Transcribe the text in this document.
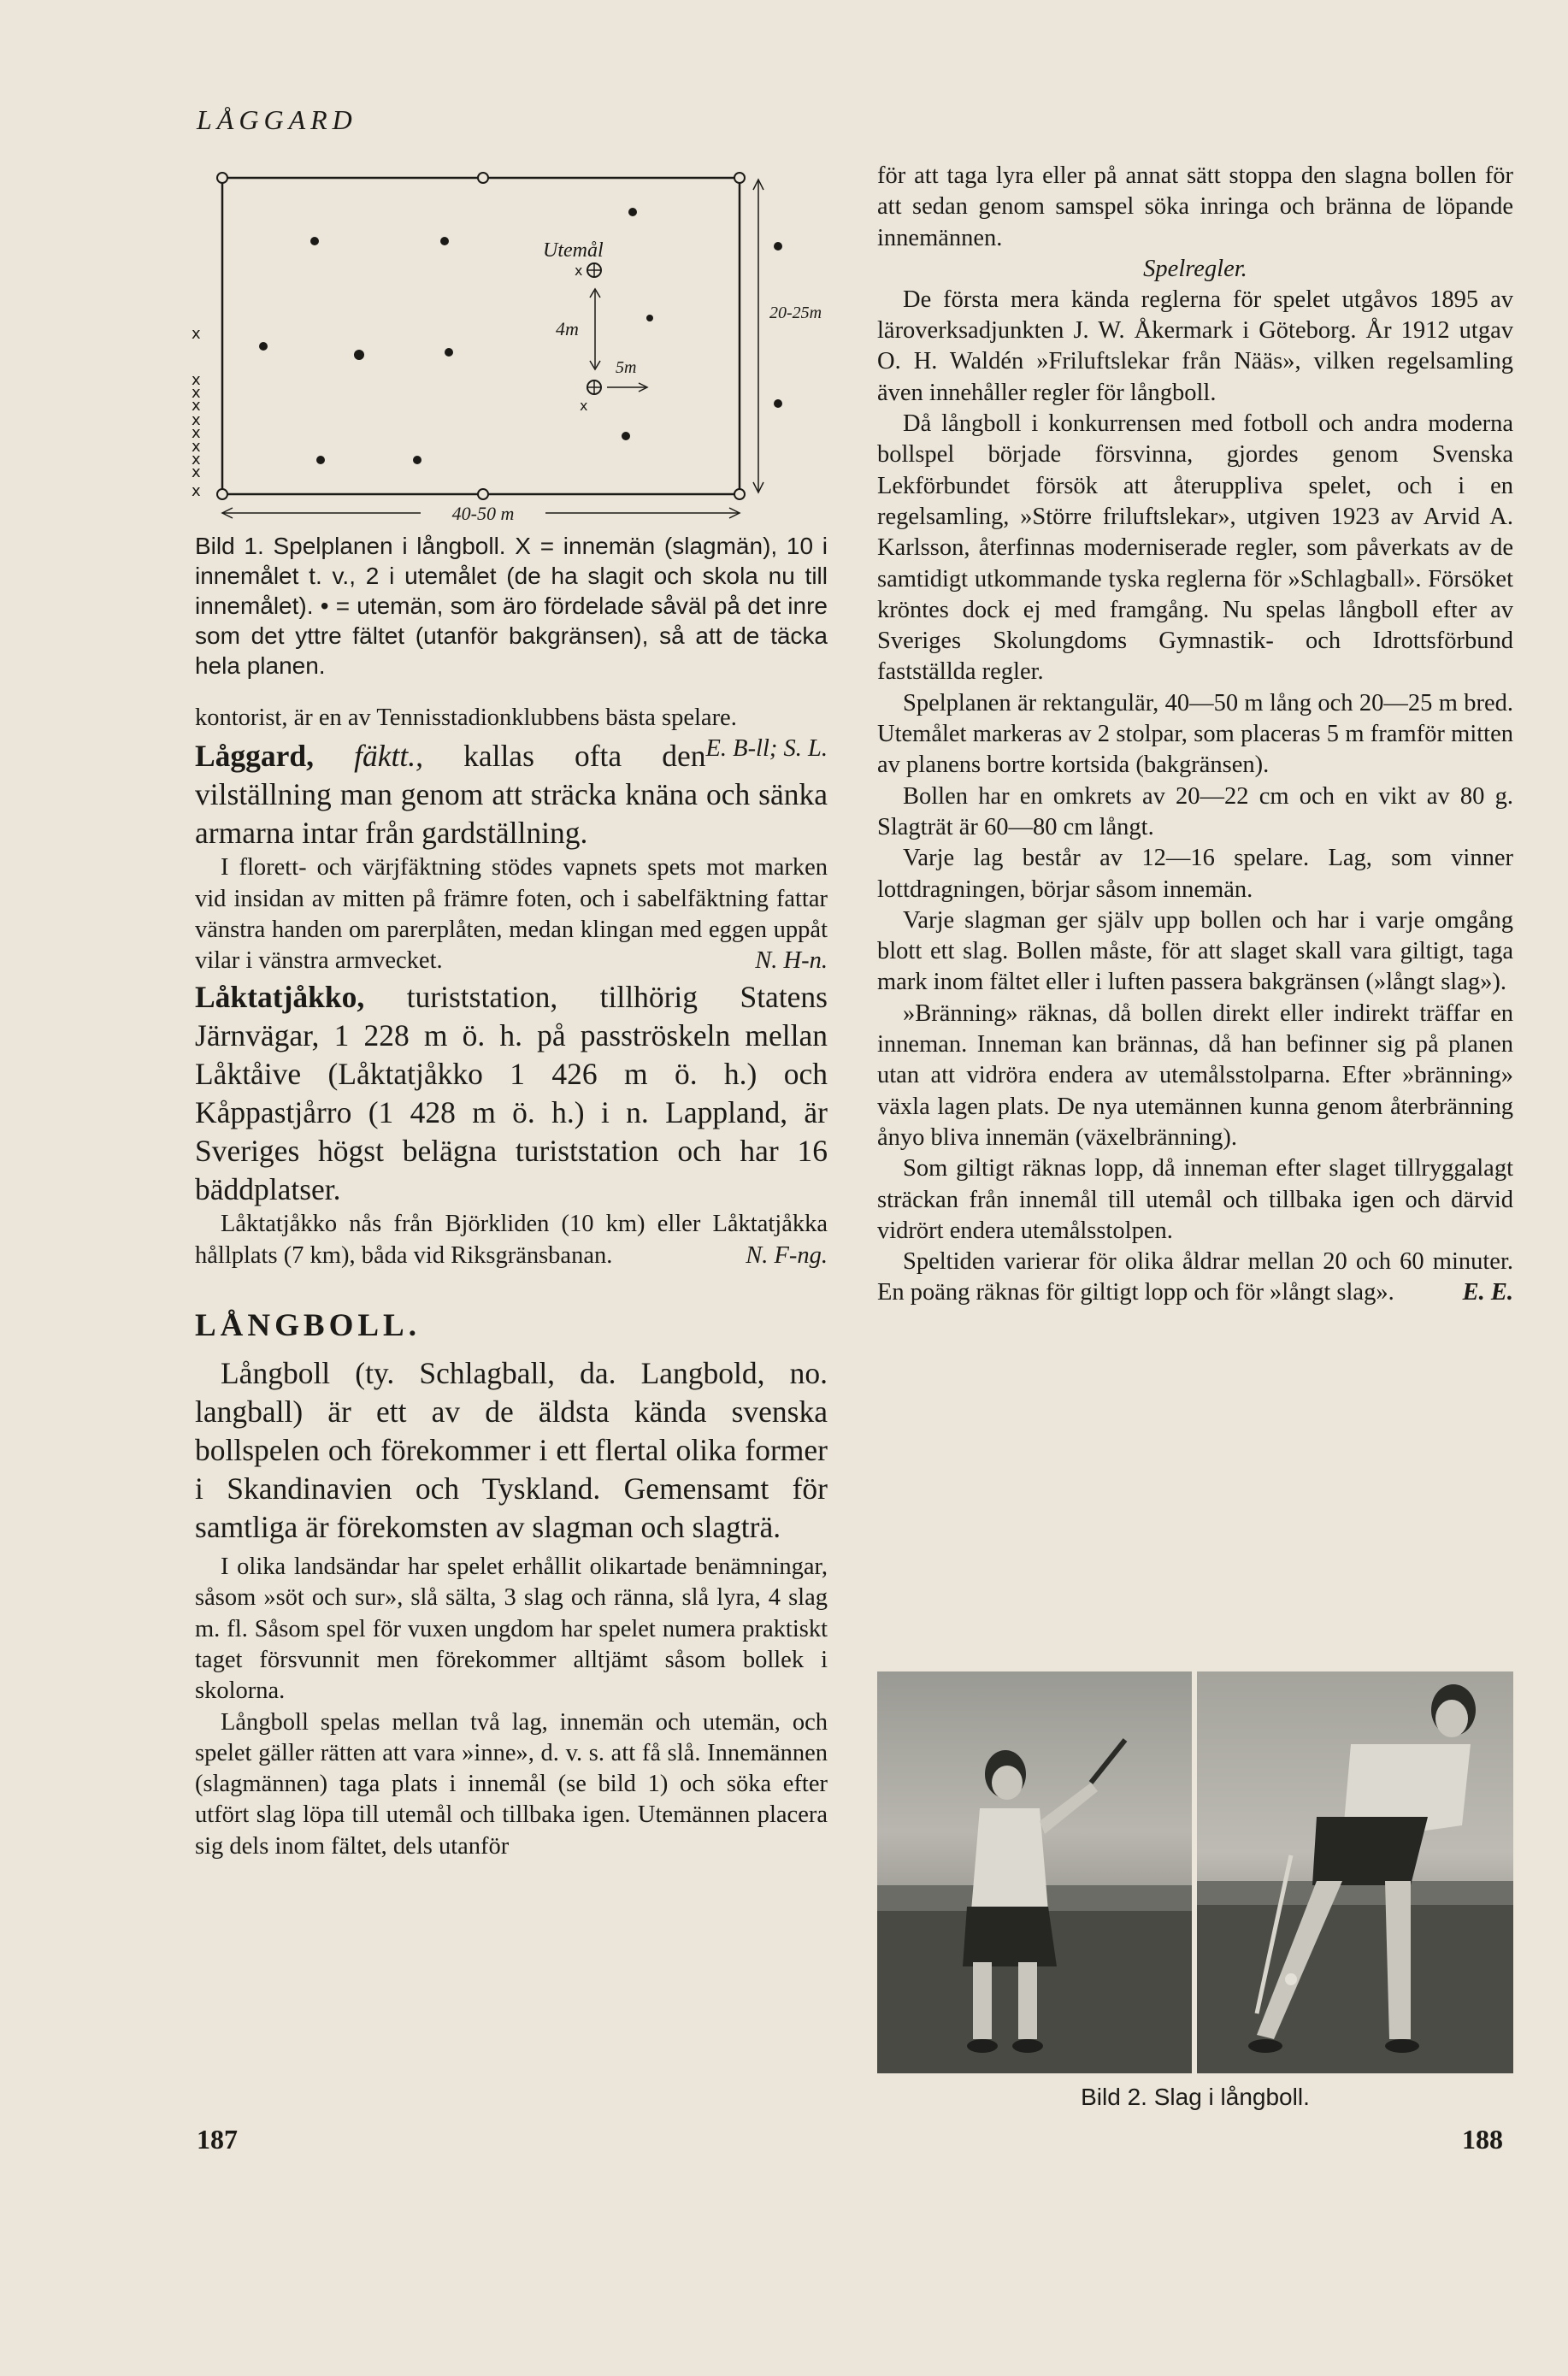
LÅGGARD
x
x
x
x
x
x
x
x
x
x
x
x
Utemål
4m
5m
20-25m
40-50 m

Bild 1. Spelplanen i långboll. X = innemän (slagmän), 10 i innemålet t. v., 2 i utemålet (de ha slagit och skola nu till innemålet). • = utemän, som äro fördelade såväl på det inre som det yttre fältet (utanför bakgränsen), så att de täcka hela planen.

kontorist, är en av Tennisstadionklubbens bästa spelare.
E. B-ll; S. L.

Låggard, fäktt., kallas ofta den vilställning man genom att sträcka knäna och sänka armarna intar från gardställning.

I florett- och värjfäktning stödes vapnets spets mot marken vid insidan av mitten på främre foten, och i sabelfäktning fattar vänstra handen om parerplåten, medan klingan med eggen uppåt vilar i vänstra armvecket.	N. H-n.

Låktatjåkko, turiststation, tillhörig Statens Järnvägar, 1 228 m ö. h. på pasströskeln mellan Låktåive (Låktatjåkko 1 426 m ö. h.) och Kåppastjårro (1 428 m ö. h.) i n. Lappland, är Sveriges högst belägna turiststation och har 16 bäddplatser.

Låktatjåkko nås från Björkliden (10 km) eller Låktatjåkka hållplats (7 km), båda vid Riksgränsbanan.	N. F-ng.

LÅNGBOLL.

Långboll (ty. Schlagball, da. Langbold, no. langball) är ett av de äldsta kända svenska bollspelen och förekommer i ett flertal olika former i Skandinavien och Tyskland. Gemensamt för samtliga är förekomsten av slagman och slagträ.

I olika landsändar har spelet erhållit olikartade benämningar, såsom »söt och sur», slå sälta, 3 slag och ränna, slå lyra, 4 slag m. fl. Såsom spel för vuxen ungdom har spelet numera praktiskt taget försvunnit men förekommer alltjämt såsom bollek i skolorna.

Långboll spelas mellan två lag, innemän och utemän, och spelet gäller rätten att vara »inne», d. v. s. att få slå. Innemännen (slagmännen) taga plats i innemål (se bild 1) och söka efter utfört slag löpa till utemål och tillbaka igen. Utemännen placera sig dels inom fältet, dels utanför

för att taga lyra eller på annat sätt stoppa den slagna bollen för att sedan genom samspel söka inringa och bränna de löpande innemännen.

Spelregler.

De första mera kända reglerna för spelet utgåvos 1895 av läroverksadjunkten J. W. Åkermark i Göteborg. År 1912 utgav O. H. Waldén »Friluftslekar från Nääs», vilken regelsamling även innehåller regler för långboll.

Då långboll i konkurrensen med fotboll och andra moderna bollspel började försvinna, gjordes genom Svenska Lekförbundet försök att återuppliva spelet, och i en regelsamling, »Större friluftslekar», utgiven 1923 av Arvid A. Karlsson, återfinnas moderniserade regler, som påverkats av de samtidigt utkommande tyska reglerna för »Schlagball». Försöket kröntes dock ej med framgång. Nu spelas långboll efter av Sveriges Skolungdoms Gymnastik- och Idrottsförbund fastställda regler.

Spelplanen är rektangulär, 40—50 m lång och 20—25 m bred. Utemålet markeras av 2 stolpar, som placeras 5 m framför mitten av planens bortre kortsida (bakgränsen).

Bollen har en omkrets av 20—22 cm och en vikt av 80 g. Slagträt är 60—80 cm långt.

Varje lag består av 12—16 spelare. Lag, som vinner lottdragningen, börjar såsom innemän.

Varje slagman ger själv upp bollen och har i varje omgång blott ett slag. Bollen måste, för att slaget skall vara giltigt, taga mark inom fältet eller i luften passera bakgränsen (»långt slag»).

»Bränning» räknas, då bollen direkt eller indirekt träffar en inneman. Inneman kan brännas, då han befinner sig på planen utan att vidröra endera av utemålsstolparna. Efter »bränning» växla lagen plats. De nya utemännen kunna genom återbränning ånyo bliva innemän (växelbränning).

Som giltigt räknas lopp, då inneman efter slaget tillryggalagt sträckan från innemål till utemål och tillbaka igen och därvid vidrört endera utemålsstolpen.

Speltiden varierar för olika åldrar mellan 20 och 60 minuter. En poäng räknas för giltigt lopp och för »långt slag».	E. E.

Bild 2. Slag i långboll.
187	188
